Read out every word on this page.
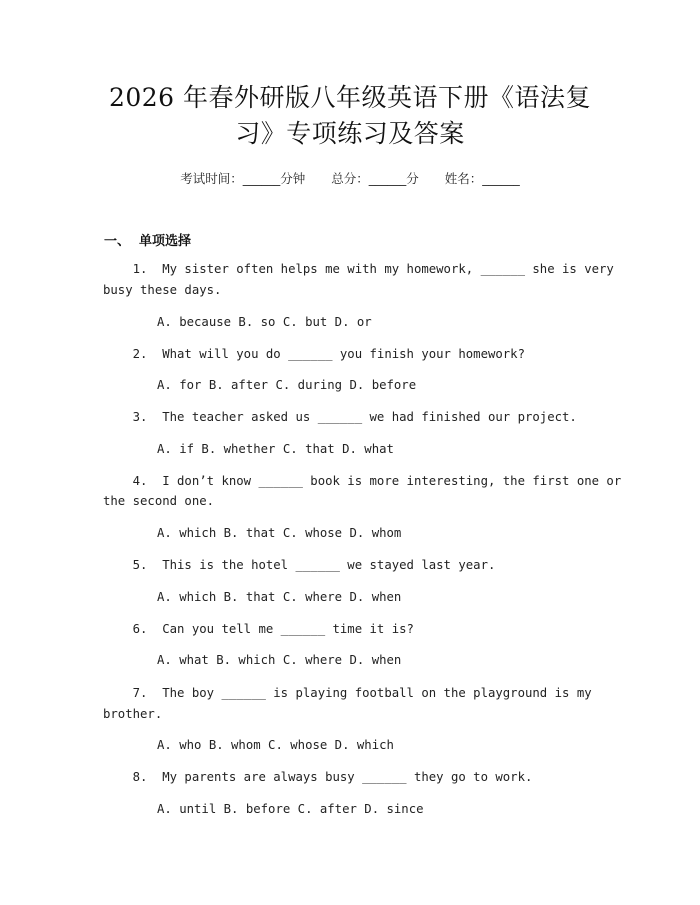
2026 年春外研版八年级英语下册《语法复
习》专项练习及答案
考试时间：______分钟 总分：______分 姓名：______
一、  单项选择
1.  My sister often helps me with my homework, ______ she is very
busy these days.
A. because B. so C. but D. or
2.  What will you do ______ you finish your homework?
A. for B. after C. during D. before
3.  The teacher asked us ______ we had finished our project.
A. if B. whether C. that D. what
4.  I don’t know ______ book is more interesting, the first one or
the second one.
A. which B. that C. whose D. whom
5.  This is the hotel ______ we stayed last year.
A. which B. that C. where D. when
6.  Can you tell me ______ time it is?
A. what B. which C. where D. when
7.  The boy ______ is playing football on the playground is my
brother.
A. who B. whom C. whose D. which
8.  My parents are always busy ______ they go to work.
A. until B. before C. after D. since
